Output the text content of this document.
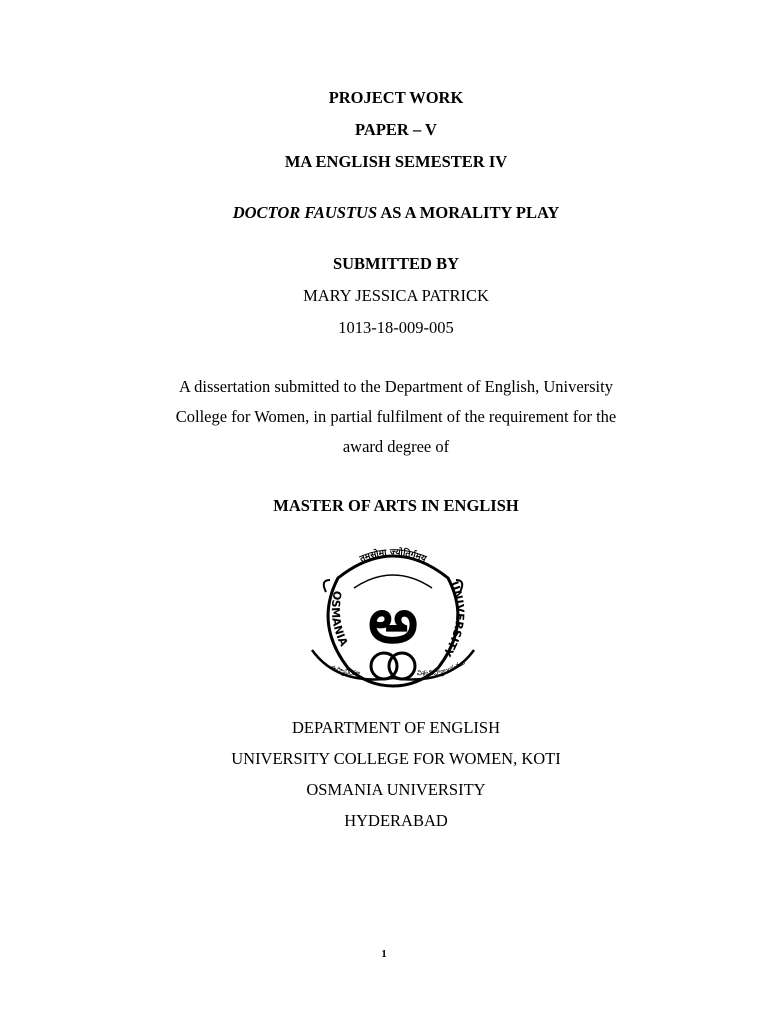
PROJECT WORK
PAPER – V
MA ENGLISH SEMESTER IV
DOCTOR FAUSTUS AS A MORALITY PLAY
SUBMITTED BY
MARY JESSICA PATRICK
1013-18-009-005
A dissertation submitted to the Department of English, University
College for Women, in partial fulfilment of the requirement for the
award degree of
MASTER OF ARTS IN ENGLISH
అ
तमसोमा ज्योतिर्गमय
OSMANIA
UNIVERSITY
ఉస్మానియా	విశ్వవిద్యాలయము
DEPARTMENT OF ENGLISH
UNIVERSITY COLLEGE FOR WOMEN, KOTI
OSMANIA UNIVERSITY
HYDERABAD
1
